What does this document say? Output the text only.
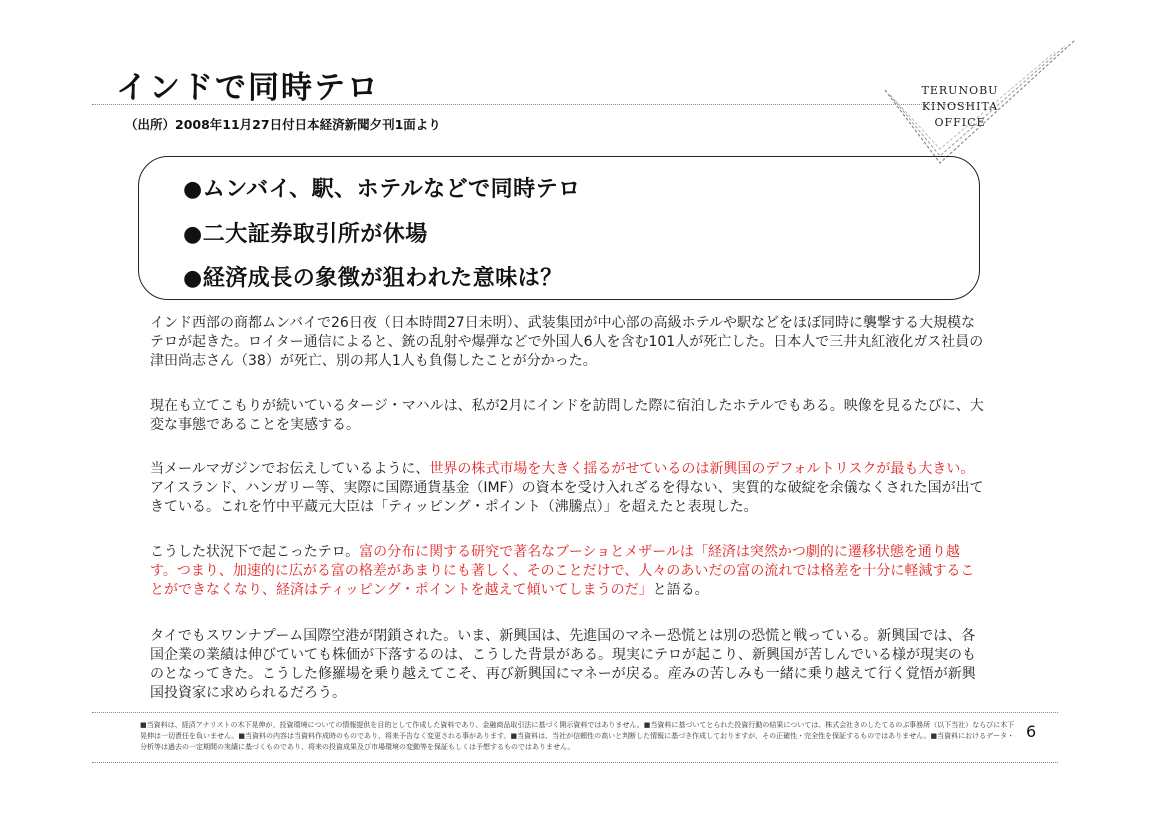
インドで同時テロ
（出所）2008年11月27日付日本経済新聞夕刊1面より
TERUNOBU
KINOSHITA
OFFICE
●ムンバイ、駅、ホテルなどで同時テロ
●二大証券取引所が休場
●経済成長の象徴が狙われた意味は？

インド西部の商都ムンバイで26日夜（日本時間27日未明）、武装集団が中心部の高級ホテルや駅などをほぼ同時に襲撃する大規模なテロが起きた。ロイター通信によると、銃の乱射や爆弾などで外国人6人を含む101人が死亡した。日本人で三井丸紅液化ガス社員の津田尚志さん（38）が死亡、別の邦人1人も負傷したことが分かった。

現在も立てこもりが続いているタージ・マハルは、私が2月にインドを訪問した際に宿泊したホテルでもある。映像を見るたびに、大変な事態であることを実感する。

当メールマガジンでお伝えしているように、世界の株式市場を大きく揺るがせているのは新興国のデフォルトリスクが最も大きい。アイスランド、ハンガリー等、実際に国際通貨基金（IMF）の資本を受け入れざるを得ない、実質的な破綻を余儀なくされた国が出てきている。これを竹中平蔵元大臣は「ティッピング・ポイント（沸騰点）」を超えたと表現した。

こうした状況下で起こったテロ。富の分布に関する研究で著名なブーショとメザールは「経済は突然かつ劇的に遷移状態を通り越す。つまり、加速的に広がる富の格差があまりにも著しく、そのことだけで、人々のあいだの富の流れでは格差を十分に軽減することができなくなり、経済はティッピング・ポイントを越えて傾いてしまうのだ」と語る。

タイでもスワンナプーム国際空港が閉鎖された。いま、新興国は、先進国のマネー恐慌とは別の恐慌と戦っている。新興国では、各国企業の業績は伸びていても株価が下落するのは、こうした背景がある。現実にテロが起こり、新興国が苦しんでいる様が現実のものとなってきた。こうした修羅場を乗り越えてこそ、再び新興国にマネーが戻る。産みの苦しみも一緒に乗り越えて行く覚悟が新興国投資家に求められるだろう。

■当資料は、経済アナリストの木下晃伸が、投資環境についての情報提供を目的として作成した資料であり、金融商品取引法に基づく開示資料ではありません。■当資料に基づいてとられた投資行動の結果については、株式会社きのしたてるのぶ事務所（以下当社）ならびに木下晃伸は一切責任を負いません。■当資料の内容は当資料作成時のものであり、将来予告なく変更される事があります。■当資料は、当社が信頼性の高いと判断した情報に基づき作成しておりますが、その正確性・完全性を保証するものではありません。■当資料におけるデータ・分析等は過去の一定期間の実績に基づくものであり、将来の投資成果及び市場環境の変動等を保証もしくは予想するものではありません。

6
